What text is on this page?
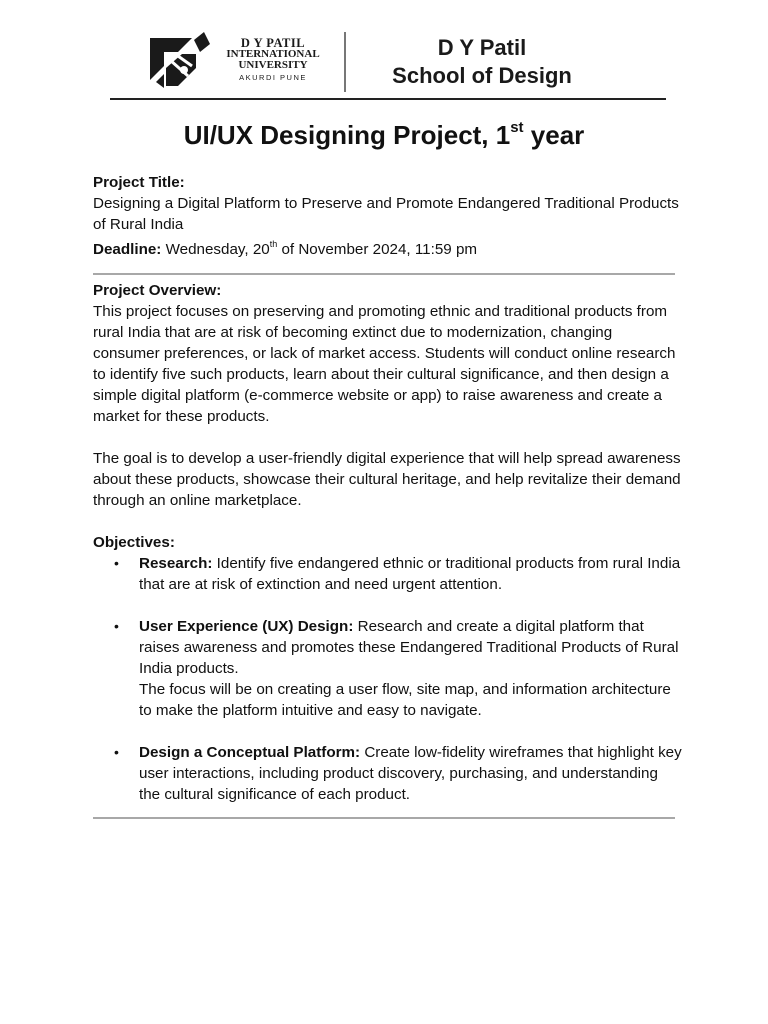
D Y PATIL
INTERNATIONAL
UNIVERSITY
AKURDI PUNE
D Y Patil
School of Design
UI/UX Designing Project, 1st year

Project Title:

Designing a Digital Platform to Preserve and Promote Endangered Traditional Products of Rural India

Deadline: Wednesday, 20th of November 2024, 11:59 pm

Project Overview:

This project focuses on preserving and promoting ethnic and traditional products from rural India that are at risk of becoming extinct due to modernization, changing consumer preferences, or lack of market access. Students will conduct online research to identify five such products, learn about their cultural significance, and then design a simple digital platform (e-commerce website or app) to raise awareness and create a market for these products.

The goal is to develop a user-friendly digital experience that will help spread awareness about these products, showcase their cultural heritage, and help revitalize their demand through an online marketplace.

Objectives:

• Research: Identify five endangered ethnic or traditional products from rural India that are at risk of extinction and need urgent attention.
• User Experience (UX) Design: Research and create a digital platform that raises awareness and promotes these Endangered Traditional Products of Rural India products.

The focus will be on creating a user flow, site map, and information architecture to make the platform intuitive and easy to navigate.

• Design a Conceptual Platform: Create low-fidelity wireframes that highlight key user interactions, including product discovery, purchasing, and understanding the cultural significance of each product.
